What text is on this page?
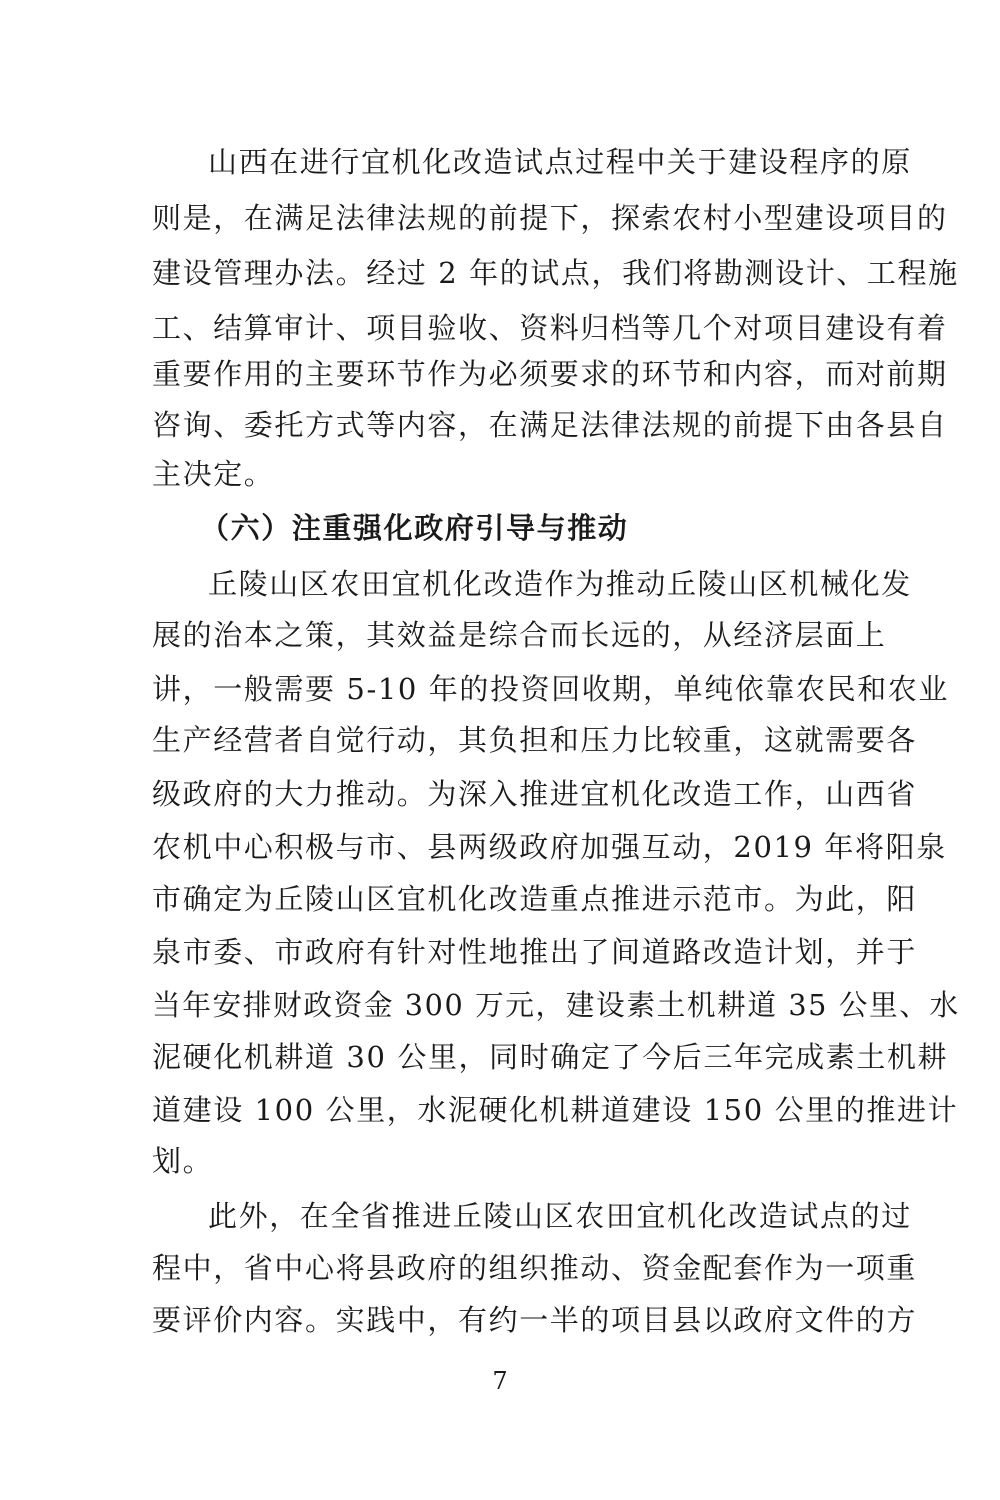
山西在进行宜机化改造试点过程中关于建设程序的原
则是，在满足法律法规的前提下，探索农村小型建设项目的
建设管理办法。经过 2 年的试点，我们将勘测设计、工程施
工、结算审计、项目验收、资料归档等几个对项目建设有着
重要作用的主要环节作为必须要求的环节和内容，而对前期
咨询、委托方式等内容，在满足法律法规的前提下由各县自
主决定。
（六）注重强化政府引导与推动
丘陵山区农田宜机化改造作为推动丘陵山区机械化发
展的治本之策，其效益是综合而长远的，从经济层面上
讲，一般需要 5-10 年的投资回收期，单纯依靠农民和农业
生产经营者自觉行动，其负担和压力比较重，这就需要各
级政府的大力推动。为深入推进宜机化改造工作，山西省
农机中心积极与市、县两级政府加强互动，2019 年将阳泉
市确定为丘陵山区宜机化改造重点推进示范市。为此，阳
泉市委、市政府有针对性地推出了间道路改造计划，并于
当年安排财政资金 300 万元，建设素土机耕道 35 公里、水
泥硬化机耕道 30 公里，同时确定了今后三年完成素土机耕
道建设 100 公里，水泥硬化机耕道建设 150 公里的推进计
划。
此外，在全省推进丘陵山区农田宜机化改造试点的过
程中，省中心将县政府的组织推动、资金配套作为一项重
要评价内容。实践中，有约一半的项目县以政府文件的方
7
